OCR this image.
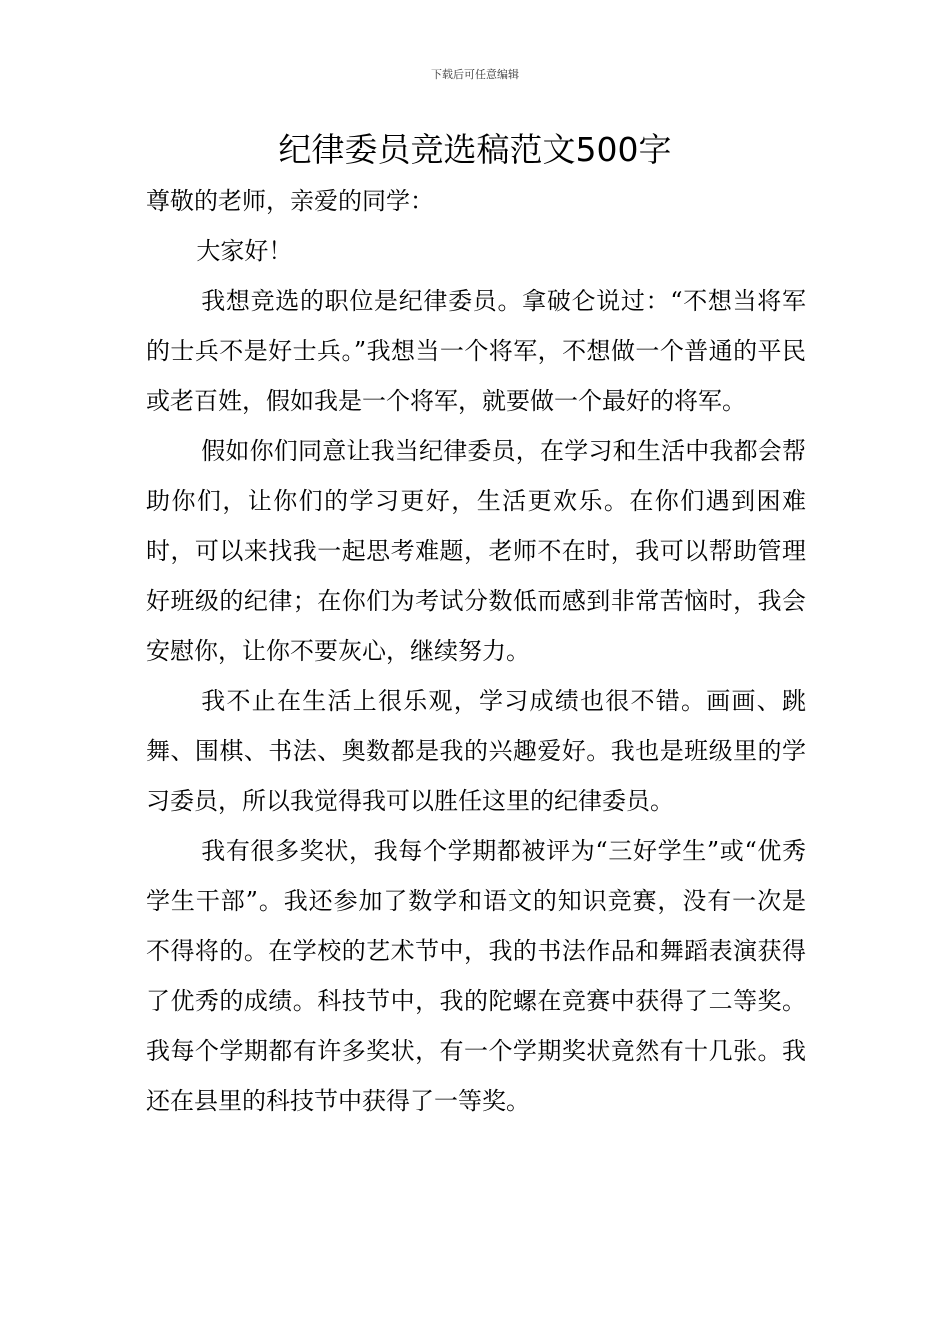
下载后可任意编辑
纪律委员竞选稿范文500字

尊敬的老师，亲爱的同学：

大家好！

我想竞选的职位是纪律委员。拿破仑说过：“不想当将军的士兵不是好士兵。”我想当一个将军，不想做一个普通的平民或老百姓，假如我是一个将军，就要做一个最好的将军。

假如你们同意让我当纪律委员，在学习和生活中我都会帮助你们，让你们的学习更好，生活更欢乐。在你们遇到困难时，可以来找我一起思考难题，老师不在时，我可以帮助管理好班级的纪律；在你们为考试分数低而感到非常苦恼时，我会安慰你，让你不要灰心，继续努力。

我不止在生活上很乐观，学习成绩也很不错。画画、跳舞、围棋、书法、奥数都是我的兴趣爱好。我也是班级里的学习委员，所以我觉得我可以胜任这里的纪律委员。

我有很多奖状，我每个学期都被评为“三好学生”或“优秀学生干部”。我还参加了数学和语文的知识竞赛，没有一次是不得将的。在学校的艺术节中，我的书法作品和舞蹈表演获得了优秀的成绩。科技节中，我的陀螺在竞赛中获得了二等奖。我每个学期都有许多奖状，有一个学期奖状竟然有十几张。我还在县里的科技节中获得了一等奖。
